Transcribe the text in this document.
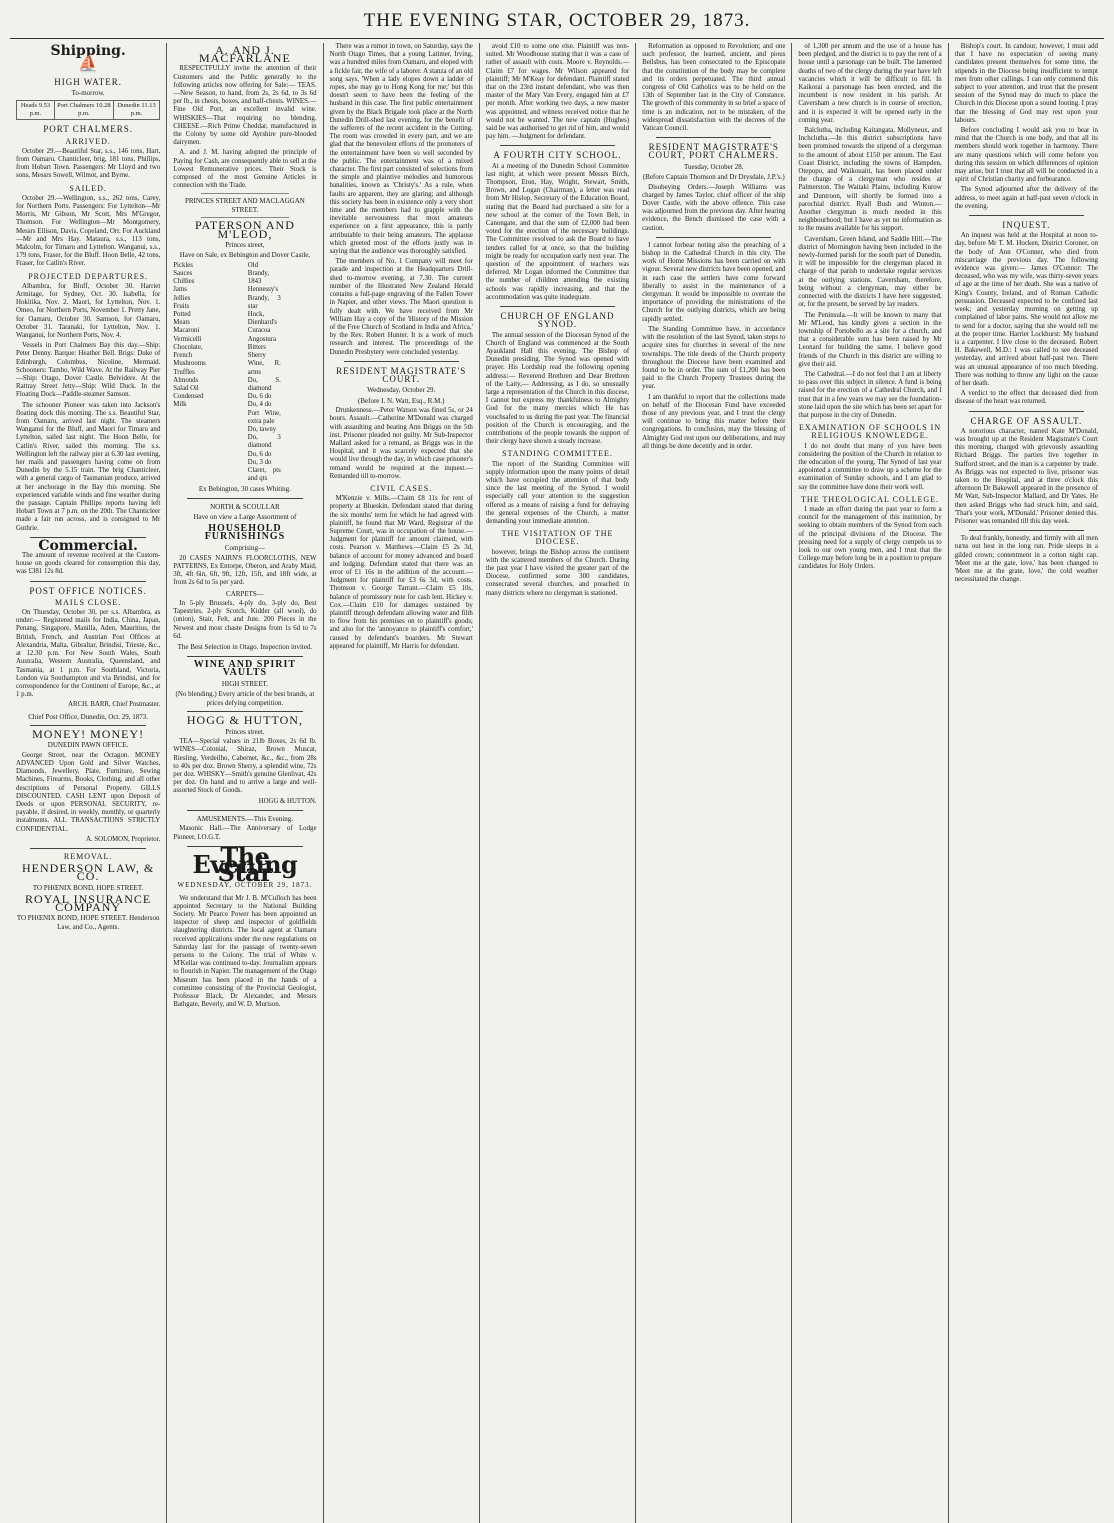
THE EVENING STAR, OCTOBER 29, 1873.
Shipping.
⛵
HIGH WATER.
To-morrow.
Heads 9.53 p.m.	Port Chalmers 10.28 p.m.	Dunedin 11.13 p.m.
PORT CHALMERS.
ARRIVED.

October 29.—Beautiful Star, s.s., 146 tons, Hart, from Oamaru. Chanticleer, brig, 181 tons, Phillips, from Hobart Town. Passengers: Mr Lloyd and two sons, Messrs Sowell, Wilmot, and Byrne.

SAILED.

October 29.—Wellington, s.s., 262 tons, Carey, for Northern Ports. Passengers: For Lyttelton—Mr Morris, Mr Gibson, Mr Scott, Mrs M'Gregor, Thomson. For Wellington—Mr Montgomery, Messrs Ellison, Davis, Copeland, Orr. For Auckland—Mr and Mrs Hay. Mataura, s.s., 113 tons, Malcolm, for Timaru and Lyttelton. Wanganui, s.s., 179 tons, Fraser, for the Bluff. Hoon Belle, 42 tons, Fraser, for Catlin's River.

PROJECTED DEPARTURES.

Albambra, for Bluff, October 30. Harriet Armitage, for Sydney, Oct. 30. Isabella, for Hokitika, Nov. 2. Maori, for Lyttelton, Nov. 1. Omeo, for Northern Ports, November 1. Pretty Jane, for Oamaru, October 30. Samson, for Oamaru, October 31. Taranaki, for Lyttelton, Nov. 1. Wanganui, for Northern Ports, Nov. 4.

Vessels in Port Chalmers Bay this day.—Ship: Peter Denny. Barque: Heather Bell. Brigs: Duke of Edinburgh, Columbus, Nicoline, Mermaid. Schooners: Tambo, Wild Wave. At the Railway Pier—Ship: Otago, Dover Castle. Belvidere. At the Rattray Street Jetty—Ship: Wild Duck. In the Floating Dock—Paddle-steamer Samson.

The schooner Pioneer was taken into Jackson's floating dock this morning. The s.s. Beautiful Star, from Oamaru, arrived last night. The steamers Wanganui for the Bluff, and Maori for Timaru and Lyttelton, sailed last night. The Hoon Belle, for Catlin's River, sailed this morning. The s.s. Wellington left the railway pier at 6.30 last evening, her mails and passengers having come on from Dunedin by the 5.15 train. The brig Chanticleer, with a general cargo of Tasmanian produce, arrived at her anchorage in the Bay this morning. She experienced variable winds and fine weather during the passage. Captain Phillips reports having left Hobart Town at 7 p.m. on the 20th. The Chanticleer made a fair run across, and is consigned to Mr Guthrie.

Commercial.

The amount of revenue received at the Custom-house on goods cleared for consumption this day, was £381 12s 8d.

POST OFFICE NOTICES.
MAILS CLOSE.

On Thursday, October 30, per s.s. Albambra, as under:— Registered mails for India, China, Japan, Penang, Singapore, Manilla, Aden, Mauritius, the British, French, and Austrian Post Offices at Alexandria, Malta, Gibraltar, Brindisi, Trieste, &c., at 12.30 p.m. For New South Wales, South Australia, Western Australia, Queensland, and Tasmania, at 1 p.m. For Southland, Victoria, London via Southampton and via Brindisi, and for correspondence for the Continent of Europe, &c., at 1 p.m.

ARCH. BARR, Chief Postmaster.
Chief Post Office, Dunedin, Oct. 29, 1873.
MONEY! MONEY!
DUNEDIN PAWN OFFICE.

George Street, near the Octagon. MONEY ADVANCED Upon Gold and Silver Watches, Diamonds, Jewellery, Plate, Furniture, Sewing Machines, Firearms, Books, Clothing, and all other descriptions of Personal Property. GILLS DISCOUNTED. CASH LENT upon Deposit of Deeds or upon PERSONAL SECURITY, re-payable, if desired, in weekly, monthly, or quarterly instalments. ALL TRANSACTIONS STRICTLY CONFIDENTIAL.

A. SOLOMON, Proprietor.
REMOVAL.
HENDERSON LAW, & CO.
TO PHŒNIX BOND, HOPE STREET.
ROYAL INSURANCE COMPANY
TO PHŒNIX BOND, HOPE STREET. Henderson Law, and Co., Agents.
A. AND J. MACFARLANE

RESPECTFULLY invite the attention of their Customers and the Public generally to the following articles now offering for Sale:— TEAS.—New Season, to hand, from 2s, 2s 6d, to 3s 6d per lb., in chests, boxes, and half-chests. WINES.—Fine Old Port, an excellent invalid wine. WHISKIES—That requiring no blending. CHEESE.—Rich Prime Cheddar, manufactured in the Colony by some old Ayrshire pure-blooded dairymen.

A. and J. M. having adopted the principle of Paying for Cash, are consequently able to sell at the Lowest Remunerative prices. Their Stock is composed of the most Genuine Articles in connection with the Trade.

PRINCES STREET AND MACLAGGAN STREET.
PATERSON AND M'LEOD,
Princes street,
Have on Sale, ex Bebington and Dover Castle,
Pickles
Sauces
Chillies
Jams
Jellies
Fruits
Potted Meats
Macaroni
Vermicelli
Chocolate, French
Mushrooms
Truffles
Almonds
Salad Oil
Condensed Milk
Old Brandy, 1843
Hennessy's Brandy, 3 star
Hock, Dienhard's
Curacoa
Angostura Bitters
Sherry Wine, R. arms
Do, S. diamond
Do, 6 do
Do, 4 do
Port Wine, extra pale
Do, tawny
Do, 3 diamond
Do, 6 do
Do, 3 do
Claret, pts and qts
Ex Bebington, 30 cases Whiting.
NORTH & SCOULLAR
Have on view a Large Assortment of
HOUSEHOLD FURNISHINGS
Comprising—

20 CASES NAIRN'S FLOORCLOTHS, NEW PATTERNS, Ex Entorpe, Oberon, and Araby Maid, 3ft, 4ft 6in, 6ft, 9ft, 12ft, 15ft, and 18ft wide, at from 2s 6d to 5s per yard.

CARPETS—

In 5-ply Brussels, 4-ply do, 3-ply do, Best Tapestries, 2-ply Scotch, Kidder (all wool), do (union), Stair, Felt, and Jute. 200 Pieces in the Newest and most chaste Designs from 1s 6d to 7s 6d.

The Best Selection in Otago. Inspection invited.
WINE AND SPIRIT VAULTS
HIGH STREET.
(No blending.) Every article of the best brands, at prices defying competition.
HOGG & HUTTON,
Princes street.

TEA—Special values in 21lb Boxes, 2s 6d lb. WINES—Colonial, Shiraz, Brown Muscat, Riesling, Verdeilho, Cabernet, &c., &c., from 28s to 40s per doz. Brown Sherry, a splendid wine, 72s per doz. WHISKY—Smith's genuine Glenlivat, 42s per doz. On hand and to arrive a large and well-assorted Stock of Goods.

HOGG & HUTTON.
AMUSEMENTS.—This Evening.

Masonic Hall.—The Anniversary of Lodge Pioneer, I.O.G.T.

The Evening Star
WEDNESDAY, OCTOBER 29, 1873.

We understand that Mr J. B. M'Culloch has been appointed Secretary to the National Building Society. Mr Pearce Power has been appointed an inspector of sheep and inspector of goldfields slaughtering districts. The local agent at Oamaru received applications under the new regulations on Saturday last for the passage of twenty-seven persons to the Colony. The trial of White v. M'Kellar was continued to-day. Journalism appears to flourish in Napier. The management of the Otago Museum has been placed in the hands of a committee consisting of the Provincial Geologist, Professor Black, Dr Alexander, and Messrs Bathgate, Beverly, and W. D. Murison.

There was a rumor in town, on Saturday, says the North Otago Times, that a young Latimer, Irving, was a hundred miles from Oamaru, and eloped with a fickle fair, the wife of a laborer. A stanza of an old song says, 'When a lady elopes down a ladder of ropes, she may go to Hong Kong for me;' but this doesn't seem to have been the feeling of the husband in this case. The first public entertainment given by the Black Brigade took place at the North Dunedin Drill-shed last evening, for the benefit of the sufferers of the recent accident in the Cutting. The room was crowded in every part, and we are glad that the benevolent efforts of the promoters of the entertainment have been so well seconded by the public. The entertainment was of a mixed character. The first part consisted of selections from the simple and plaintive melodies and humorous banalities, known as 'Christy's.' As a rule, when faults are apparent, they are glaring; and although this society has been in existence only a very short time and the members had to grapple with the inevitable nervousness that most amateurs experience on a first appearance, this is partly attributable to their being amateurs. The applause which greeted most of the efforts justly was in saying that the audience was thoroughly satisfied.

The members of No. 1 Company will meet for parade and inspection at the Headquarters Drill-shed to-morrow evening, at 7.30. The current number of the Illustrated New Zealand Herald contains a full-page engraving of the Fallen Tower in Napier, and other views. The Maori question is fully dealt with. We have received from Mr William Hay a copy of the 'History of the Mission of the Free Church of Scotland in India and Africa,' by the Rev. Robert Hunter. It is a work of much research and interest. The proceedings of the Dunedin Presbytery were concluded yesterday.

RESIDENT MAGISTRATE'S COURT.
Wednesday, October 29.
(Before I. N. Watt, Esq., R.M.)

Drunkenness.—Peter Watson was fined 5s, or 24 hours. Assault.—Catherine M'Donald was charged with assaulting and beating Ann Briggs on the 5th inst. Prisoner pleaded not guilty. Mr Sub-Inspector Mallard asked for a remand, as Briggs was in the Hospital, and it was scarcely expected that she would live through the day, in which case prisoner's remand would be required at the inquest.—Remanded till to-morrow.

CIVIL CASES.

M'Kenzie v. Mills.—Claim £8 11s for rent of property at Blueskin. Defendant stated that during the six months' term for which he had agreed with plaintiff, he found that Mr Ward, Registrar of the Supreme Court, was in occupation of the house.—Judgment for plaintiff for amount claimed, with costs. Pearson v. Matthews.—Claim £5 2s 3d, balance of account for money advanced and board and lodging. Defendant stated that there was an error of £1 16s in the addition of the account.—Judgment for plaintiff for £3 6s 3d, with costs. Thomson v. George Tarrant.—Claim £5 10s, balance of promissory note for cash lent. Hickey v. Cox.—Claim £10 for damages sustained by plaintiff through defendant allowing water and filth to flow from his premises on to plaintiff's goods; and also for the 'annoyance to plaintiff's comfort,' caused by defendant's boarders. Mr Stewart appeared for plaintiff, Mr Harris for defendant.

avoid £10 to some one else. Plaintiff was non-suited. Mr Woodhouse stating that it was a case of rather of assault with costs. Moore v. Reynolds.—Claim £7 for wages. Mr Wilson appeared for plaintiff; Mr M'Keay for defendant. Plaintiff stated that on the 23rd instant defendant, who was then master of the Mary Van Every, engaged him at £7 per month. After working two days, a new master was appointed, and witness received notice that he would not be wanted. The new captain (Hughes) said he was authorised to get rid of him, and would pay him. —Judgment for defendant.

A FOURTH CITY SCHOOL.

At a meeting of the Dunedin School Committee last night, at which were present Messrs Birch, Thompson, Eton, Hay, Wright, Stewart, Smith, Brown, and Logan (Chairman), a letter was read from Mr Hislop, Secretary of the Education Board, stating that the Board had purchased a site for a new school at the corner of the Town Belt, in Canongate, and that the sum of £2,000 had been voted for the erection of the necessary buildings. The Committee resolved to ask the Board to have tenders called for at once, so that the building might be ready for occupation early next year. The question of the appointment of teachers was deferred. Mr Logan informed the Committee that the number of children attending the existing schools was rapidly increasing, and that the accommodation was quite inadequate.

CHURCH OF ENGLAND SYNOD.

The annual session of the Diocesan Synod of the Church of England was commenced at the South Ayaukland Hall this evening. The Bishop of Dunedin presiding. The Synod was opened with prayer. His Lordship read the following opening address:— Reverend Brethren and Dear Brethren of the Laity,— Addressing, as I do, so unusually large a representation of the Church in this diocese, I cannot but express my thankfulness to Almighty God for the many mercies which He has vouchsafed to us during the past year. The financial position of the Church is encouraging, and the contributions of the people towards the support of their clergy have shown a steady increase.

STANDING COMMITTEE.

The report of the Standing Committee will supply information upon the many points of detail which have occupied the attention of that body since the last meeting of the Synod. I would especially call your attention to the suggestion offered as a means of raising a fund for defraying the general expenses of the Church, a matter demanding your immediate attention.

THE VISITATION OF THE DIOCESE.

however, brings the Bishop across the continent with the scattered members of the Church. During the past year I have visited the greater part of the Diocese, confirmed some 300 candidates, consecrated several churches, and preached in many districts where no clergyman is stationed.

Reformation as opposed to Revolution; and one such professor, the learned, ancient, and pious Beilsbus, has been consecrated to the Episcopate that the constitution of the body may be complete and its orders perpetuated. The third annual congress of Old Catholics was to be held on the 13th of September last in the City of Constance. The growth of this community in so brief a space of time is an indication, not to be mistaken, of the widespread dissatisfaction with the decrees of the Vatican Council.

RESIDENT MAGISTRATE'S COURT, PORT CHALMERS.
Tuesday, October 28.
(Before Captain Thomson and Dr Drysdale, J.P.'s.)

Disobeying Orders.—Joseph Williams was charged by James Taylor, chief officer of the ship Dover Castle, with the above offence. This case was adjourned from the previous day. After hearing evidence, the Bench dismissed the case with a caution.

I cannot forbear noting also the preaching of a bishop in the Cathedral Church in this city. The work of Home Missions has been carried on with vigour. Several new districts have been opened, and in each case the settlers have come forward liberally to assist in the maintenance of a clergyman. It would be impossible to overrate the importance of providing the ministrations of the Church for the outlying districts, which are being rapidly settled.

The Standing Committee have, in accordance with the resolution of the last Synod, taken steps to acquire sites for churches in several of the new townships. The title deeds of the Church property throughout the Diocese have been examined and found to be in order. The sum of £1,200 has been paid to the Church Property Trustees during the year.

I am thankful to report that the collections made on behalf of the Diocesan Fund have exceeded those of any previous year, and I trust the clergy will continue to bring this matter before their congregations. In conclusion, may the blessing of Almighty God rest upon our deliberations, and may all things be done decently and in order.

of 1,300 per annum and the use of a house has been pledged, and the district is to pay the rent of a house until a parsonage can be built. The lamented deaths of two of the clergy during the year have left vacancies which it will be difficult to fill. In Kaikorai a parsonage has been erected, and the incumbent is now resident in his parish. At Caversham a new church is in course of erection, and it is expected it will be opened early in the coming year.

Balclutha, including Kaitangata, Mollyneux, and Inchclutha.—In this district subscriptions have been promised towards the stipend of a clergyman to the amount of about £150 per annum. The East Coast District, including the towns of Hampden, Otepopo, and Waikouaiti, has been placed under the charge of a clergyman who resides at Palmerston. The Waitaki Plains, including Kurow and Duntroon, will shortly be formed into a parochial district. Ryall Bush and Winton.—Another clergyman is much needed in this neighbourhood; but I have as yet no information as to the means available for his support.

Caversham, Green Island, and Saddle Hill.—The district of Mornington having been included in the newly-formed parish for the south part of Dunedin, it will be impossible for the clergyman placed in charge of that parish to undertake regular services at the outlying stations. Caversham, therefore, being without a clergyman, may either be connected with the districts I have here suggested, or, for the present, be served by lay readers.

The Peninsula.—It will be known to many that Mr M'Leod, has kindly given a section in the township of Portobello as a site for a church, and that a considerable sum has been raised by Mr Leonard for building the same. I believe good friends of the Church in this district are willing to give their aid.

The Cathedral.—I do not feel that I am at liberty to pass over this subject in silence. A fund is being raised for the erection of a Cathedral Church, and I trust that in a few years we may see the foundation-stone laid upon the site which has been set apart for that purpose in the city of Dunedin.

EXAMINATION OF SCHOOLS IN RELIGIOUS KNOWLEDGE.

I do not doubt that many of you have been considering the position of the Church in relation to the education of the young. The Synod of last year appointed a committee to draw up a scheme for the examination of Sunday schools, and I am glad to say the committee have done their work well.

THE THEOLOGICAL COLLEGE.

I made an effort during the past year to form a council for the management of this institution, by seeking to obtain members of the Synod from each of the principal divisions of the Diocese. The pressing need for a supply of clergy compels us to look to our own young men, and I trust that the College may before long be in a position to prepare candidates for Holy Orders.

Bishop's court. In candour, however, I must add that I have no expectation of seeing many candidates present themselves for some time, the stipends in the Diocese being insufficient to tempt men from other callings. I can only commend this subject to your attention, and trust that the present session of the Synod may do much to place the Church in this Diocese upon a sound footing. I pray that the blessing of God may rest upon your labours.

Before concluding I would ask you to bear in mind that the Church is one body, and that all its members should work together in harmony. There are many questions which will come before you during this session on which differences of opinion may arise, but I trust that all will be conducted in a spirit of Christian charity and forbearance.

The Synod adjourned after the delivery of the address, to meet again at half-past seven o'clock in the evening.

INQUEST.

An inquest was held at the Hospital at noon to-day, before Mr T. M. Hocken, District Coroner, on the body of Ann O'Conner, who died from miscarriage the previous day. The following evidence was given:— James O'Connor: The deceased, who was my wife, was thirty-seven years of age at the time of her death. She was a native of King's County, Ireland, and of Roman Catholic persuasion. Deceased expected to be confined last week; and yesterday morning on getting up complained of labor pains. She would not allow me to send for a doctor, saying that she would tell me at the proper time. Harriet Lockhurst: My husband is a carpenter. I live close to the deceased. Robert H. Bakewell, M.D.: I was called to see deceased yesterday, and arrived about half-past two. There was an unusual appearance of too much bleeding. There was nothing to throw any light on the cause of her death.

A verdict to the effect that deceased died from disease of the heart was returned.

CHARGE OF ASSAULT.

A notorious character, named Kate M'Donald, was brought up at the Resident Magistrate's Court this morning, charged with grievously assaulting Richard Briggs. The parties live together in Stafford street, and the man is a carpenter by trade. As Briggs was not expected to live, prisoner was taken to the Hospital, and at three o'clock this afternoon Dr Bakewell appeared in the presence of Mr Watt, Sub-Inspector Mallard, and Dr Yates. He then asked Briggs who had struck him, and said, 'That's your work, M'Donald.' Prisoner denied this. Prisoner was remanded till this day week.

To deal frankly, honestly, and firmly with all men turns out best in the long run. Pride sleeps in a gilded crown; contentment in a cotton night cap. 'Meet me at the gate, love,' has been changed to 'Meet me at the grate, love,' the cold weather necessitated the change.
